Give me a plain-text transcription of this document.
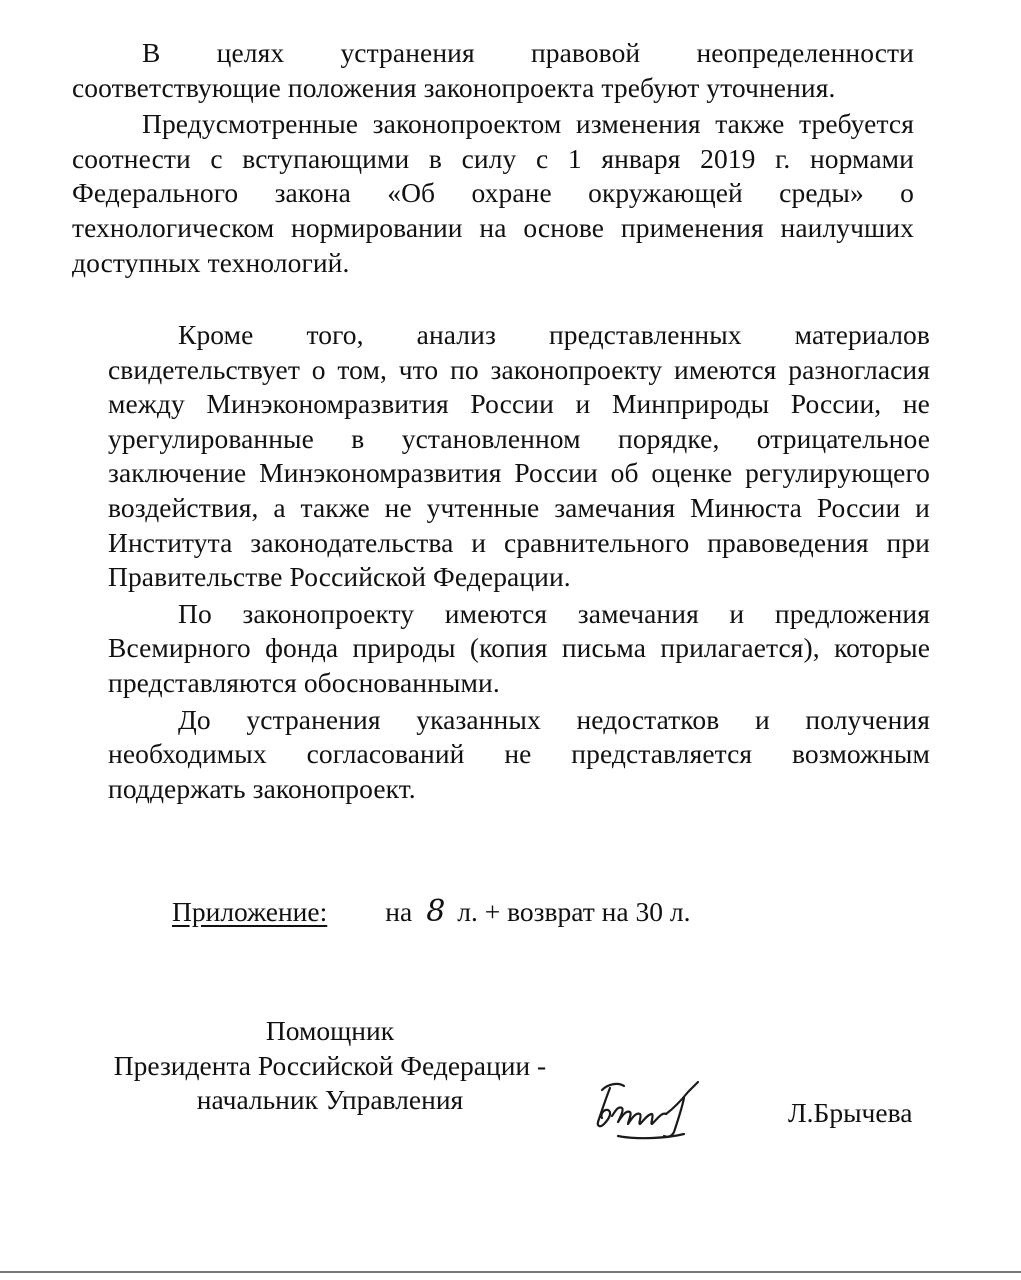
В целях устранения правовой неопределенности соответствующие положения законопроекта требуют уточнения.

Предусмотренные законопроектом изменения также требуется соотнести с вступающими в силу с 1 января 2019 г. нормами Федерального закона «Об охране окружающей среды» о технологическом нормировании на основе применения наилучших доступных технологий.

Кроме того, анализ представленных материалов свидетельствует о том, что по законопроекту имеются разногласия между Минэкономразвития России и Минприроды России, не урегулированные в установленном порядке, отрицательное заключение Минэкономразвития России об оценке регулирующего воздействия, а также не учтенные замечания Минюста России и Института законодательства и сравнительного правоведения при Правительстве Российской Федерации.

По законопроекту имеются замечания и предложения Всемирного фонда природы (копия письма прилагается), которые представляются обоснованными.

До устранения указанных недостатков и получения необходимых согласований не представляется возможным поддержать законопроект.

Приложение: на 8 л. + возврат на 30 л.
Помощник
Президента Российской Федерации -
начальник Управления	Л.Брычева
